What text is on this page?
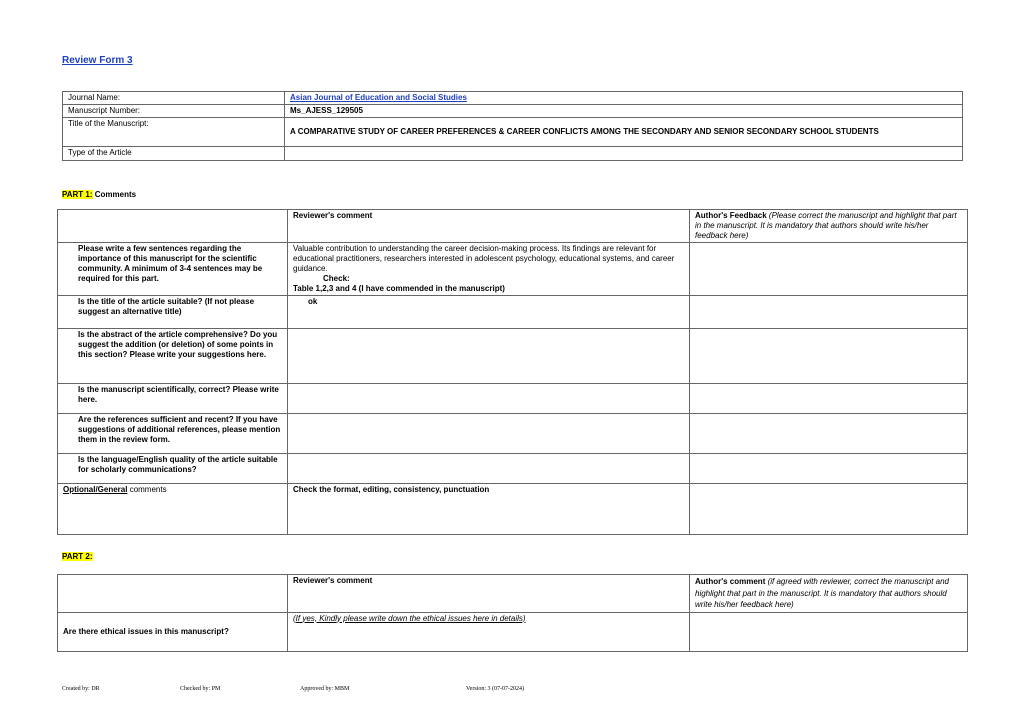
Review Form 3
Journal Name:	Asian Journal of Education and Social Studies
Manuscript Number:	Ms_AJESS_129505
Title of the Manuscript:	A COMPARATIVE STUDY OF CAREER PREFERENCES & CAREER CONFLICTS AMONG THE SECONDARY AND SENIOR SECONDARY SCHOOL STUDENTS
Type of the Article	
PART 1: Comments
	Reviewer's comment	Author's Feedback (Please correct the manuscript and highlight that part in the manuscript. It is mandatory that authors should write his/her feedback here)
Please write a few sentences regarding the importance of this manuscript for the scientific community. A minimum of 3-4 sentences may be required for this part.	Valuable contribution to understanding the career decision-making process. Its findings are relevant for educational practitioners, researchers interested in adolescent psychology, educational systems, and career guidance.
Check:
Table 1,2,3 and 4 (I have commended in the manuscript)	

Is the title of the article suitable? (If not please suggest an alternative title)	ok	
Is the abstract of the article comprehensive? Do you suggest the addition (or deletion) of some points in this section? Please write your suggestions here.		
Is the manuscript scientifically, correct? Please write here.		
Are the references sufficient and recent? If you have suggestions of additional references, please mention them in the review form.		
Is the language/English quality of the article suitable for scholarly communications?		
Optional/General comments	Check the format, editing, consistency, punctuation	
PART 2:
	Reviewer's comment	Author's comment (if agreed with reviewer, correct the manuscript and highlight that part in the manuscript. It is mandatory that authors should write his/her feedback here)
Are there ethical issues in this manuscript?	(If yes, Kindly please write down the ethical issues here in details)	
Created by: DR	Checked by: PM	Approved by: MBM	Version: 3 (07-07-2024)
